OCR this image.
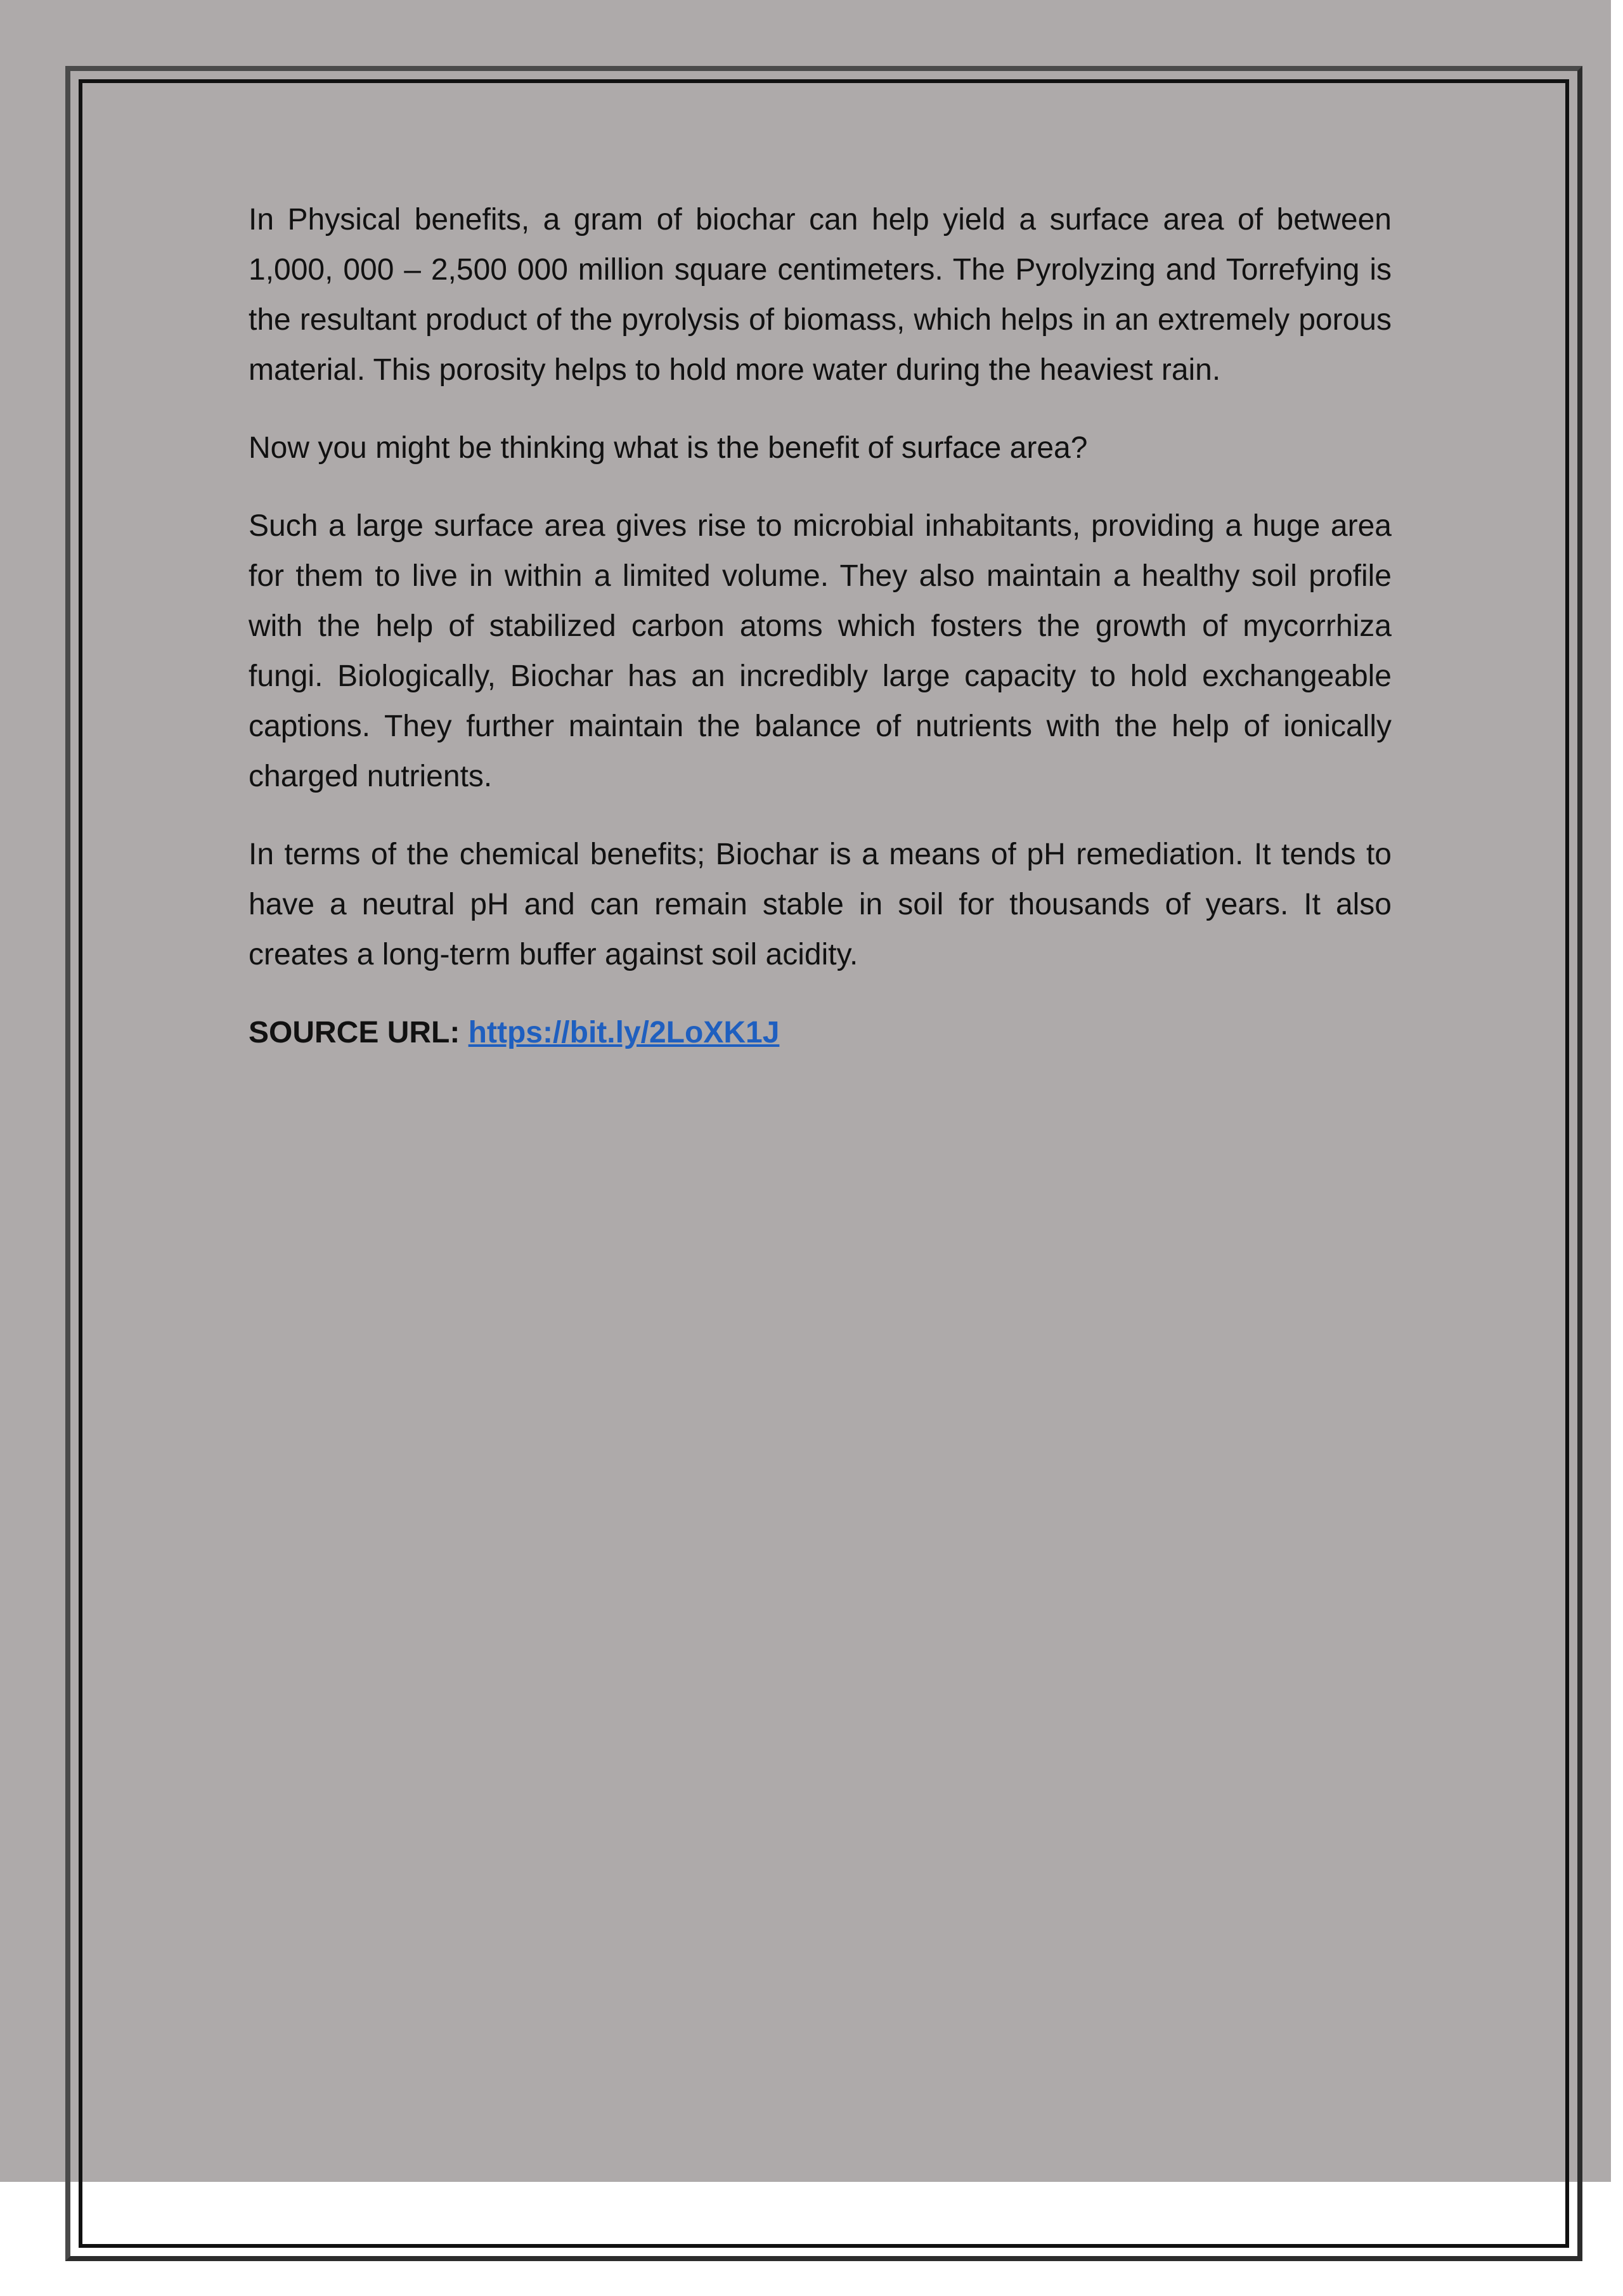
In Physical benefits, a gram of biochar can help yield a surface area of between 1,000, 000 – 2,500 000 million square centimeters. The Pyrolyzing and Torrefying is the resultant product of the pyrolysis of biomass, which helps in an extremely porous material. This porosity helps to hold more water during the heaviest rain.

Now you might be thinking what is the benefit of surface area?

Such a large surface area gives rise to microbial inhabitants, providing a huge area for them to live in within a limited volume. They also maintain a healthy soil profile with the help of stabilized carbon atoms which fosters the growth of mycorrhiza fungi. Biologically, Biochar has an incredibly large capacity to hold exchangeable captions. They further maintain the balance of nutrients with the help of ionically charged nutrients.

In terms of the chemical benefits; Biochar is a means of pH remediation. It tends to have a neutral pH and can remain stable in soil for thousands of years. It also creates a long-term buffer against soil acidity.

SOURCE URL: https://bit.ly/2LoXK1J
